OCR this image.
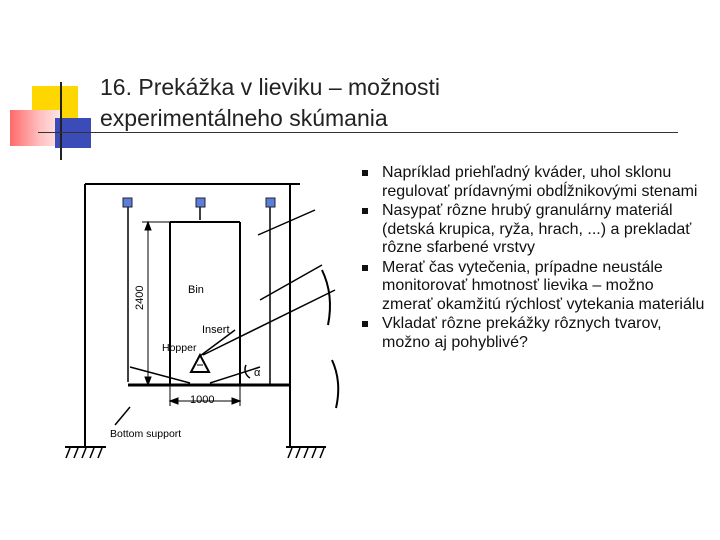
16. Prekážka v lieviku – možnosti
experimentálneho skúmania
2400	Bin
Insert
Hopper
α
1000
Bottom support
Napríklad priehľadný kváder, uhol sklonu regulovať prídavnými obdĺžnikovými stenami
Nasypať rôzne hrubý granulárny materiál (detská krupica, ryža, hrach, ...) a prekladať rôzne sfarbené vrstvy
Merať čas vytečenia, prípadne neustále monitorovať hmotnosť lievika – možno zmerať okamžitú rýchlosť vytekania materiálu
Vkladať rôzne prekážky rôznych tvarov, možno aj pohyblivé?
